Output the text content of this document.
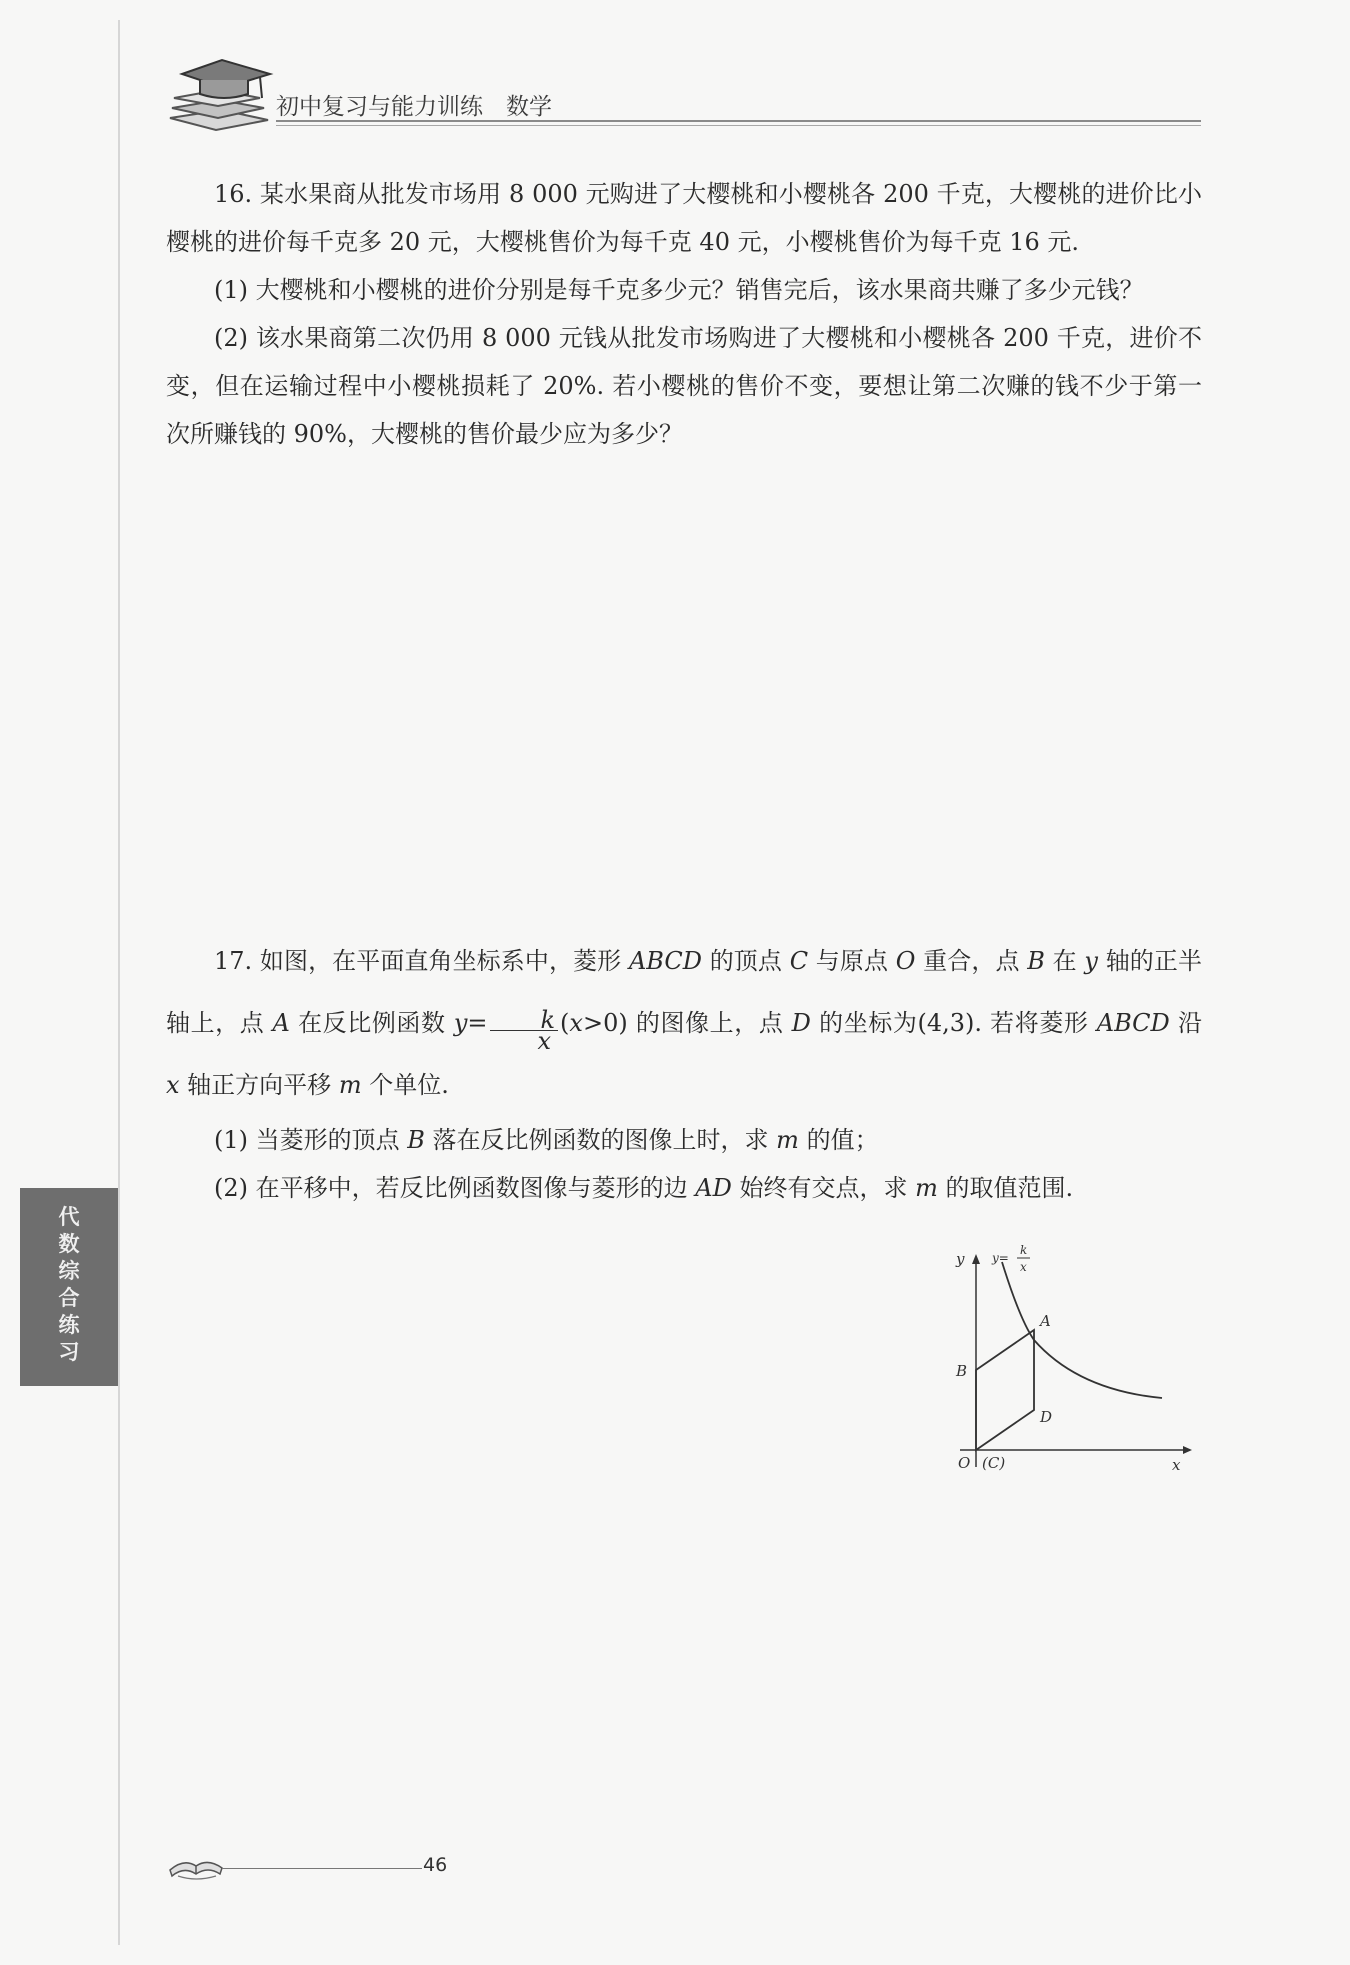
初中复习与能力训练　数学

16. 某水果商从批发市场用 8 000 元购进了大樱桃和小樱桃各 200 千克，大樱桃的进价比小樱桃的进价每千克多 20 元，大樱桃售价为每千克 40 元，小樱桃售价为每千克 16 元.

(1) 大樱桃和小樱桃的进价分别是每千克多少元？销售完后，该水果商共赚了多少元钱？

(2) 该水果商第二次仍用 8 000 元钱从批发市场购进了大樱桃和小樱桃各 200 千克，进价不变，但在运输过程中小樱桃损耗了 20%. 若小樱桃的售价不变，要想让第二次赚的钱不少于第一次所赚钱的 90%，大樱桃的售价最少应为多少？

17. 如图，在平面直角坐标系中，菱形 ABCD 的顶点 C 与原点 O 重合，点 B 在 y 轴的正半轴上，点 A 在反比例函数 $y= \frac{k}{x} (x>0)$ 的图像上，点 D 的坐标为(4,3). 若将菱形 ABCD 沿 x 轴正方向平移 m 个单位.

(1) 当菱形的顶点 B 落在反比例函数的图像上时，求 m 的值；

(2) 在平移中，若反比例函数图像与菱形的边 AD 始终有交点，求 m 的取值范围.

y
x
y=
k
x
A
B
D
O (C)
代数综合练习
46
